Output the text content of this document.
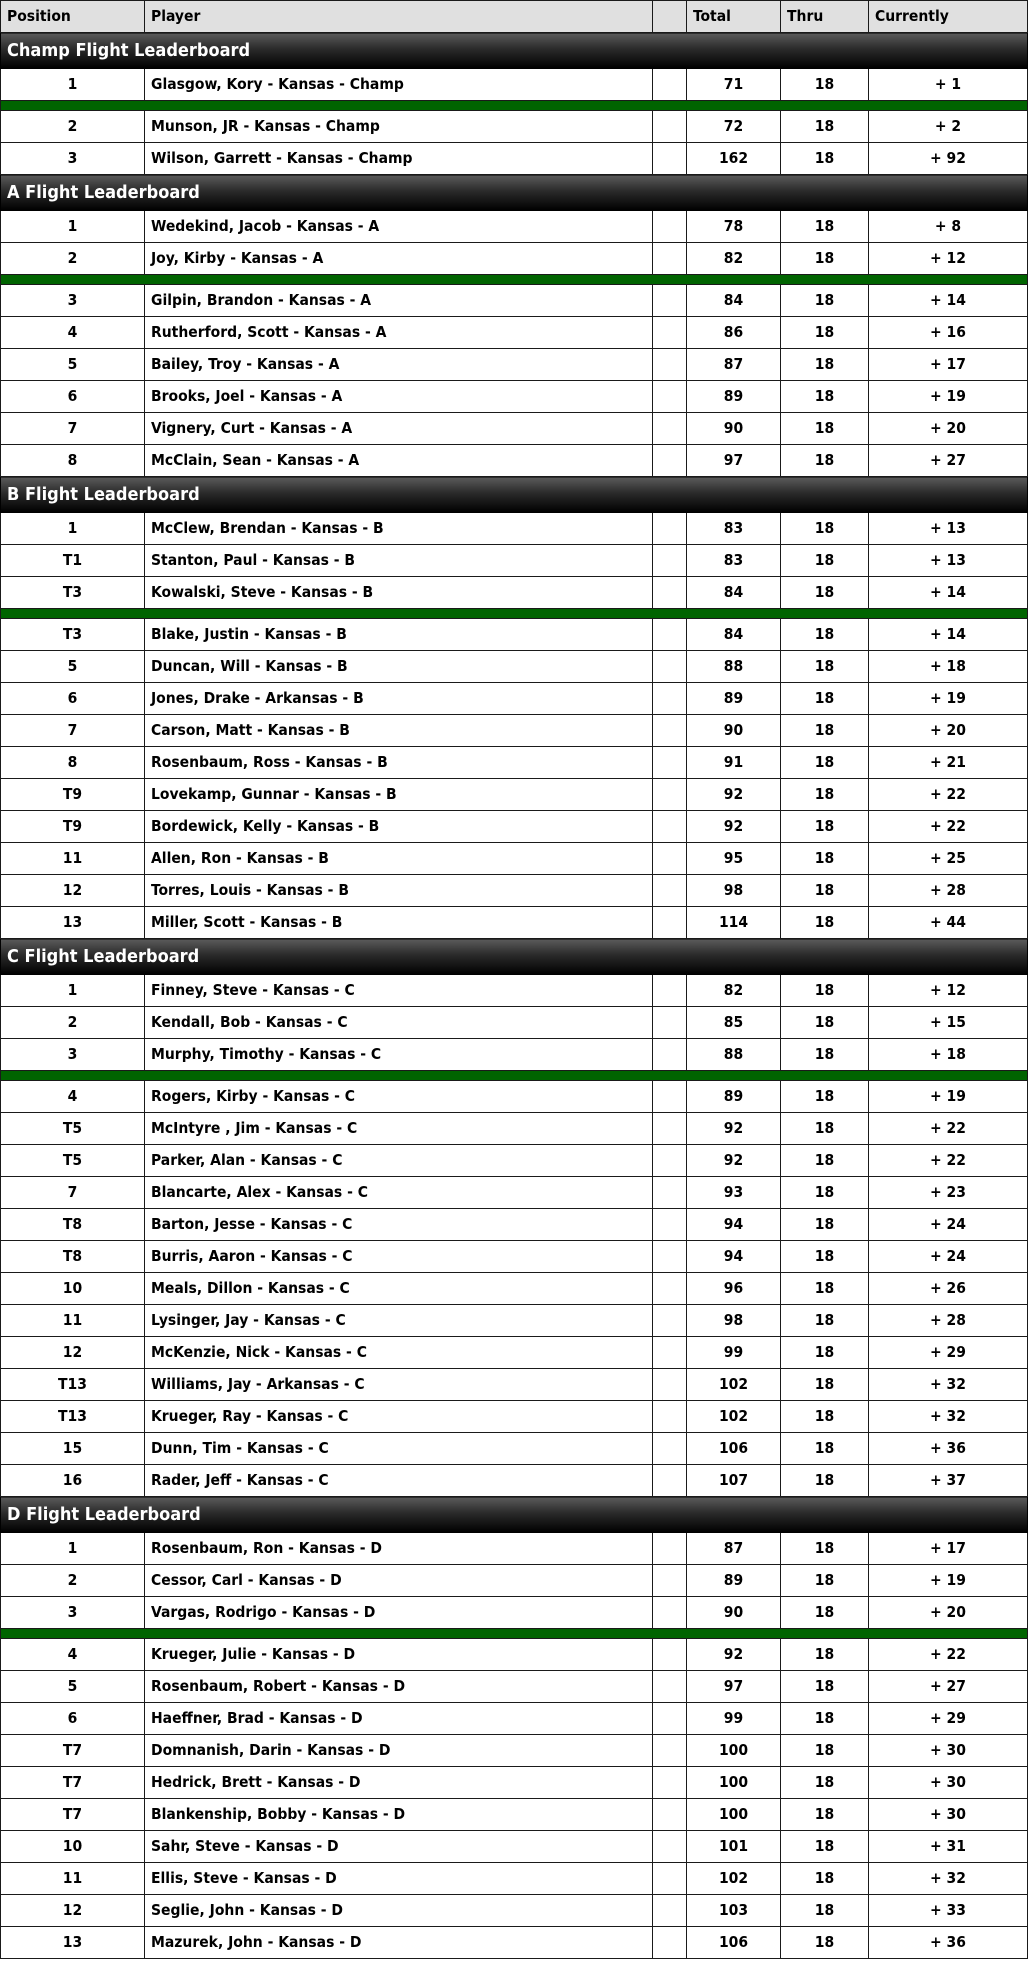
Position	Player		Total	Thru	Currently
Champ Flight Leaderboard					
1	Glasgow, Kory - Kansas - Champ		71	18	+ 1

2	Munson, JR - Kansas - Champ		72	18	+ 2
3	Wilson, Garrett - Kansas - Champ		162	18	+ 92
A Flight Leaderboard					
1	Wedekind, Jacob - Kansas - A		78	18	+ 8
2	Joy, Kirby - Kansas - A		82	18	+ 12

3	Gilpin, Brandon - Kansas - A		84	18	+ 14
4	Rutherford, Scott - Kansas - A		86	18	+ 16
5	Bailey, Troy - Kansas - A		87	18	+ 17
6	Brooks, Joel - Kansas - A		89	18	+ 19
7	Vignery, Curt - Kansas - A		90	18	+ 20
8	McClain, Sean - Kansas - A		97	18	+ 27
B Flight Leaderboard					
1	McClew, Brendan - Kansas - B		83	18	+ 13
T1	Stanton, Paul - Kansas - B		83	18	+ 13
T3	Kowalski, Steve - Kansas - B		84	18	+ 14

T3	Blake, Justin - Kansas - B		84	18	+ 14
5	Duncan, Will - Kansas - B		88	18	+ 18
6	Jones, Drake - Arkansas - B		89	18	+ 19
7	Carson, Matt - Kansas - B		90	18	+ 20
8	Rosenbaum, Ross - Kansas - B		91	18	+ 21
T9	Lovekamp, Gunnar - Kansas - B		92	18	+ 22
T9	Bordewick, Kelly - Kansas - B		92	18	+ 22
11	Allen, Ron - Kansas - B		95	18	+ 25
12	Torres, Louis - Kansas - B		98	18	+ 28
13	Miller, Scott - Kansas - B		114	18	+ 44
C Flight Leaderboard					
1	Finney, Steve - Kansas - C		82	18	+ 12
2	Kendall, Bob - Kansas - C		85	18	+ 15
3	Murphy, Timothy - Kansas - C		88	18	+ 18

4	Rogers, Kirby - Kansas - C		89	18	+ 19
T5	McIntyre , Jim - Kansas - C		92	18	+ 22
T5	Parker, Alan - Kansas - C		92	18	+ 22
7	Blancarte, Alex - Kansas - C		93	18	+ 23
T8	Barton, Jesse - Kansas - C		94	18	+ 24
T8	Burris, Aaron - Kansas - C		94	18	+ 24
10	Meals, Dillon - Kansas - C		96	18	+ 26
11	Lysinger, Jay - Kansas - C		98	18	+ 28
12	McKenzie, Nick - Kansas - C		99	18	+ 29
T13	Williams, Jay - Arkansas - C		102	18	+ 32
T13	Krueger, Ray - Kansas - C		102	18	+ 32
15	Dunn, Tim - Kansas - C		106	18	+ 36
16	Rader, Jeff - Kansas - C		107	18	+ 37
D Flight Leaderboard					
1	Rosenbaum, Ron - Kansas - D		87	18	+ 17
2	Cessor, Carl - Kansas - D		89	18	+ 19
3	Vargas, Rodrigo - Kansas - D		90	18	+ 20

4	Krueger, Julie - Kansas - D		92	18	+ 22
5	Rosenbaum, Robert - Kansas - D		97	18	+ 27
6	Haeffner, Brad - Kansas - D		99	18	+ 29
T7	Domnanish, Darin - Kansas - D		100	18	+ 30
T7	Hedrick, Brett - Kansas - D		100	18	+ 30
T7	Blankenship, Bobby - Kansas - D		100	18	+ 30
10	Sahr, Steve - Kansas - D		101	18	+ 31
11	Ellis, Steve - Kansas - D		102	18	+ 32
12	Seglie, John - Kansas - D		103	18	+ 33
13	Mazurek, John - Kansas - D		106	18	+ 36
